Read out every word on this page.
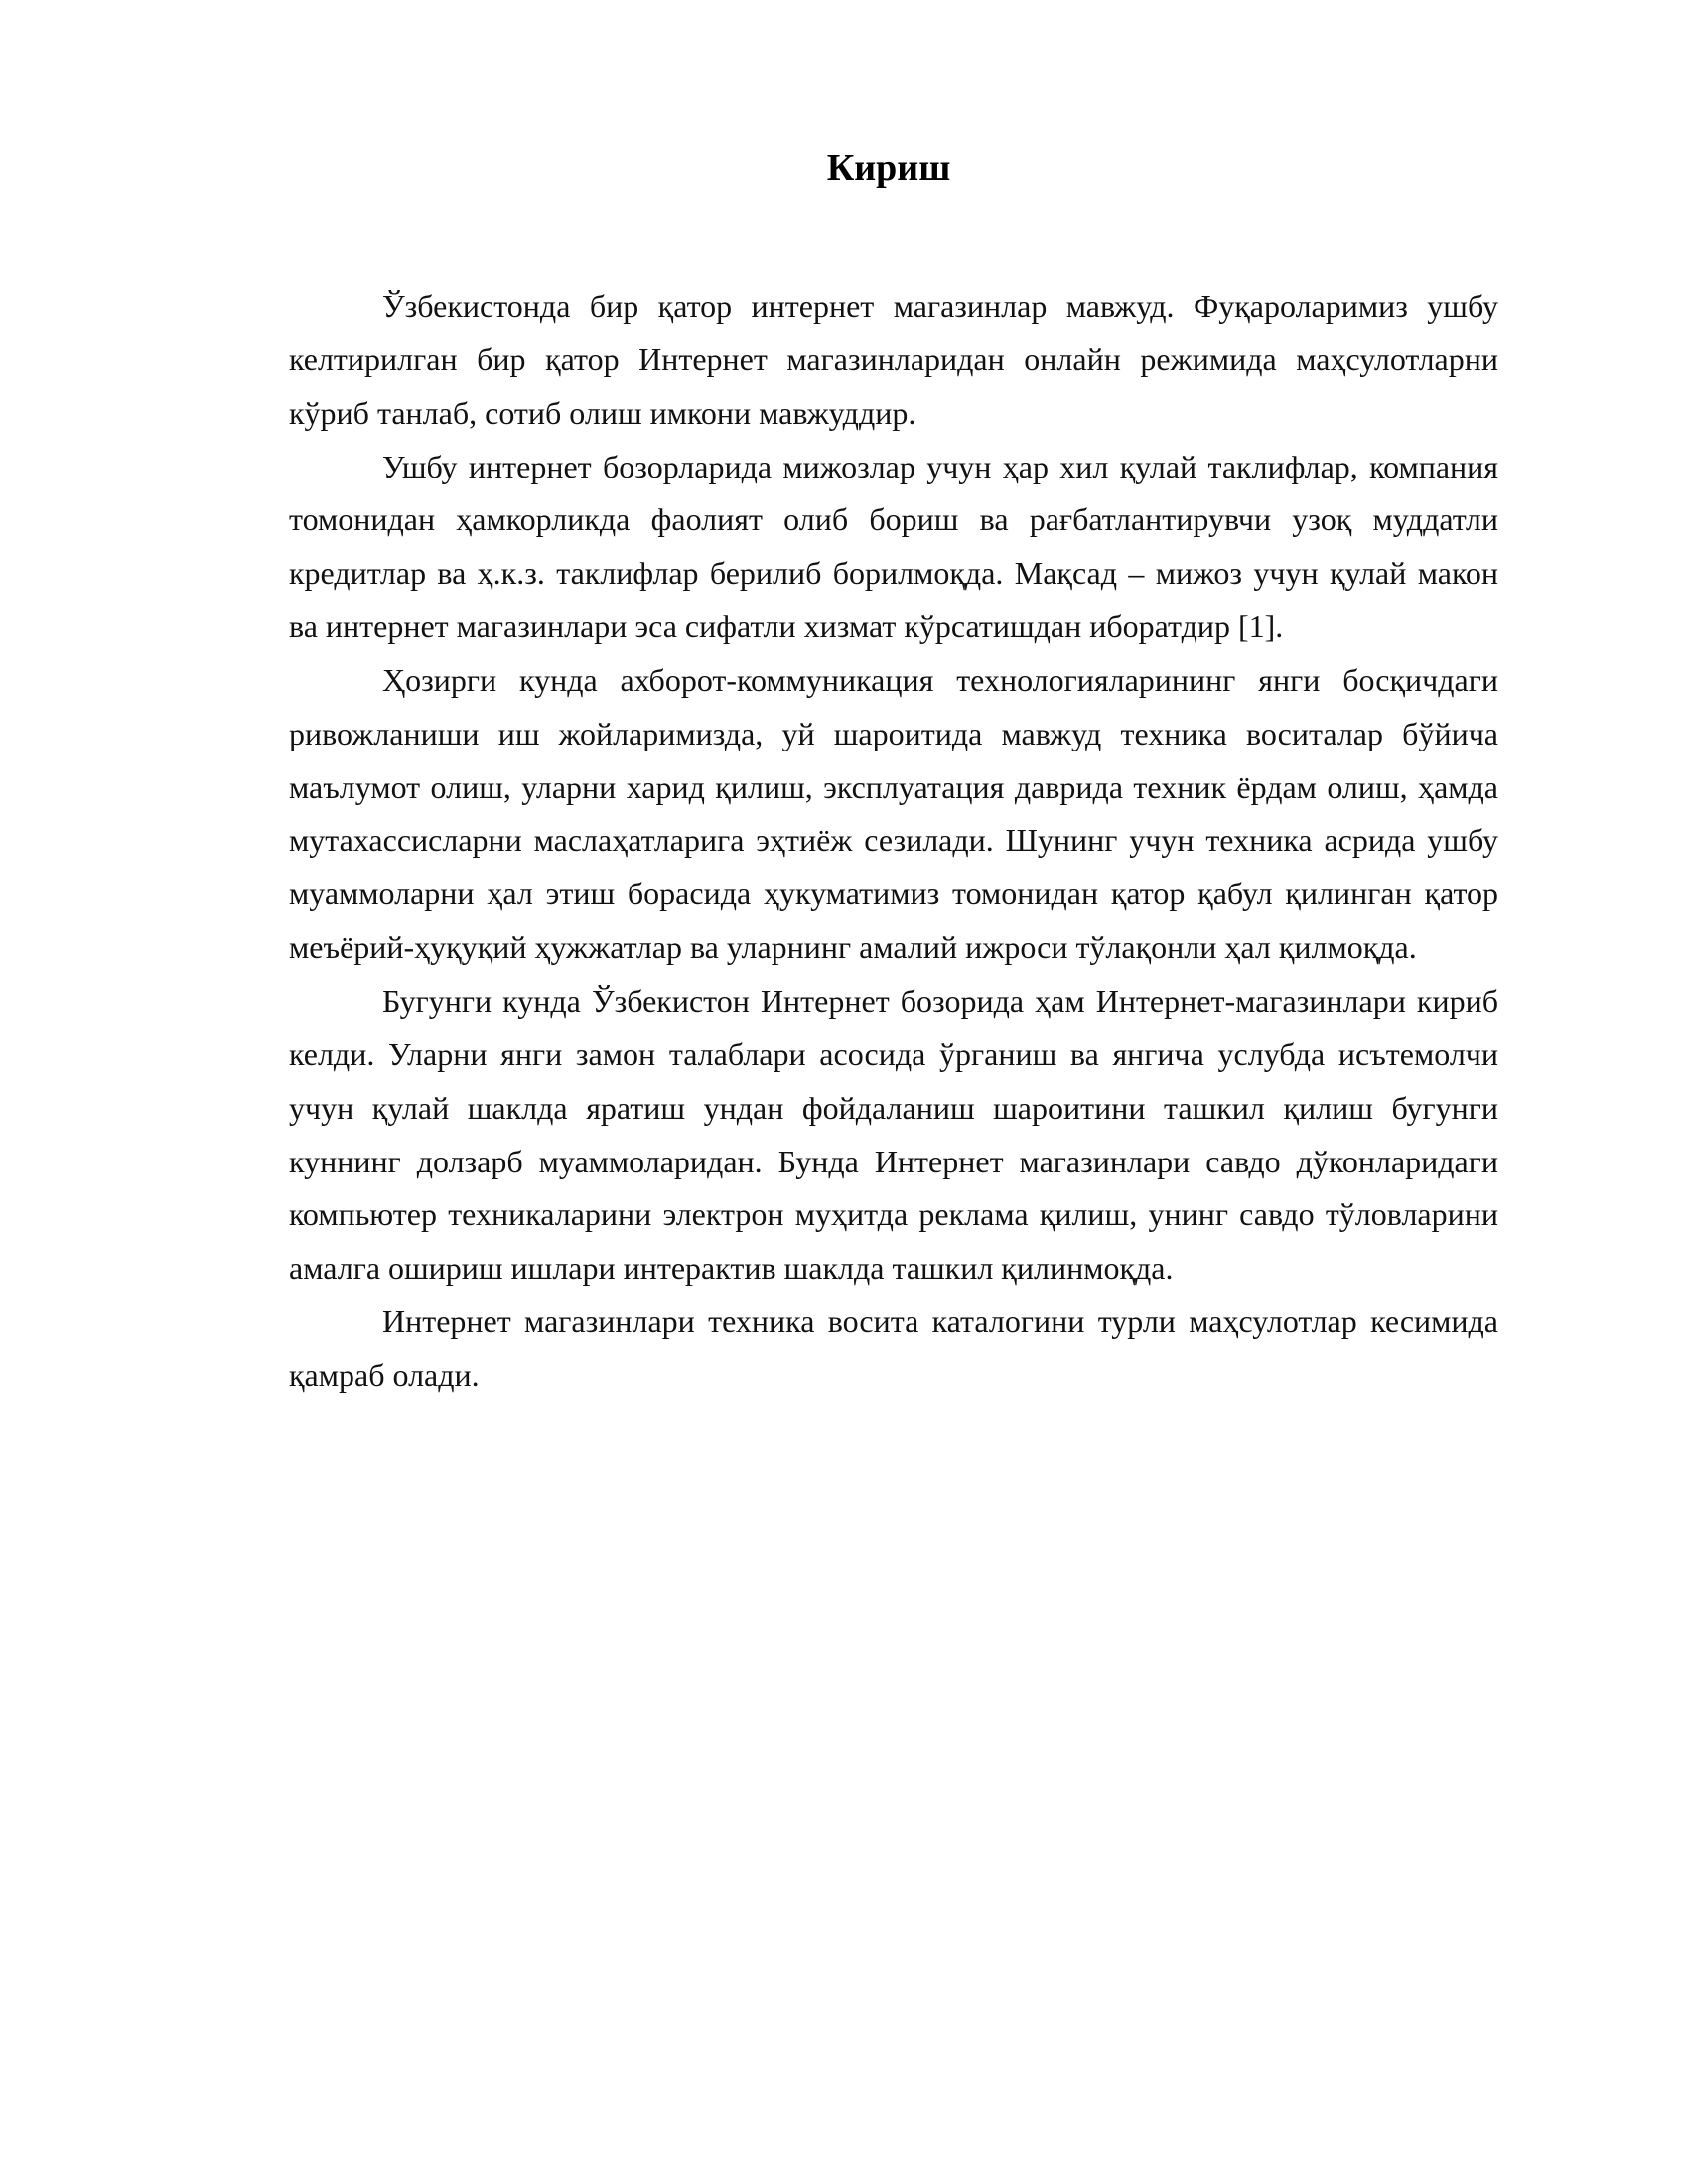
Кириш

Ўзбекистонда бир қатор интернет магазинлар мавжуд. Фуқароларимиз ушбу келтирилган бир қатор Интернет магазинларидан онлайн режимида маҳсулотларни кўриб танлаб, сотиб олиш имкони мавжуддир.

Ушбу интернет бозорларида мижозлар учун ҳар хил қулай таклифлар, компания томонидан ҳамкорликда фаолият олиб бориш ва рағбатлантирувчи узоқ муддатли кредитлар ва ҳ.к.з. таклифлар берилиб борилмоқда. Мақсад – мижоз учун қулай макон ва интернет магазинлари эса сифатли хизмат кўрсатишдан иборатдир [1].

Ҳозирги кунда ахборот-коммуникация технологияларининг янги босқичдаги ривожланиши иш жойларимизда, уй шароитида мавжуд техника воситалар бўйича маълумот олиш, уларни харид қилиш, эксплуатация даврида техник ёрдам олиш, ҳамда мутахассисларни маслаҳатларига эҳтиёж сезилади. Шунинг учун техника асрида ушбу муаммоларни ҳал этиш борасида ҳукуматимиз томонидан қатор қабул қилинган қатор меъёрий-ҳуқуқий ҳужжатлар ва уларнинг амалий ижроси тўлақонли ҳал қилмоқда.

Бугунги кунда Ўзбекистон Интернет бозорида ҳам Интернет-магазинлари кириб келди. Уларни янги замон талаблари асосида ўрганиш ва янгича услубда исътемолчи учун қулай шаклда яратиш ундан фойдаланиш шароитини ташкил қилиш бугунги куннинг долзарб муаммоларидан. Бунда Интернет магазинлари савдо дўконларидаги компьютер техникаларини электрон муҳитда реклама қилиш, унинг савдо тўловларини амалга ошириш ишлари интерактив шаклда ташкил қилинмоқда.

Интернет магазинлари техника восита каталогини турли маҳсулотлар кесимида қамраб олади.
